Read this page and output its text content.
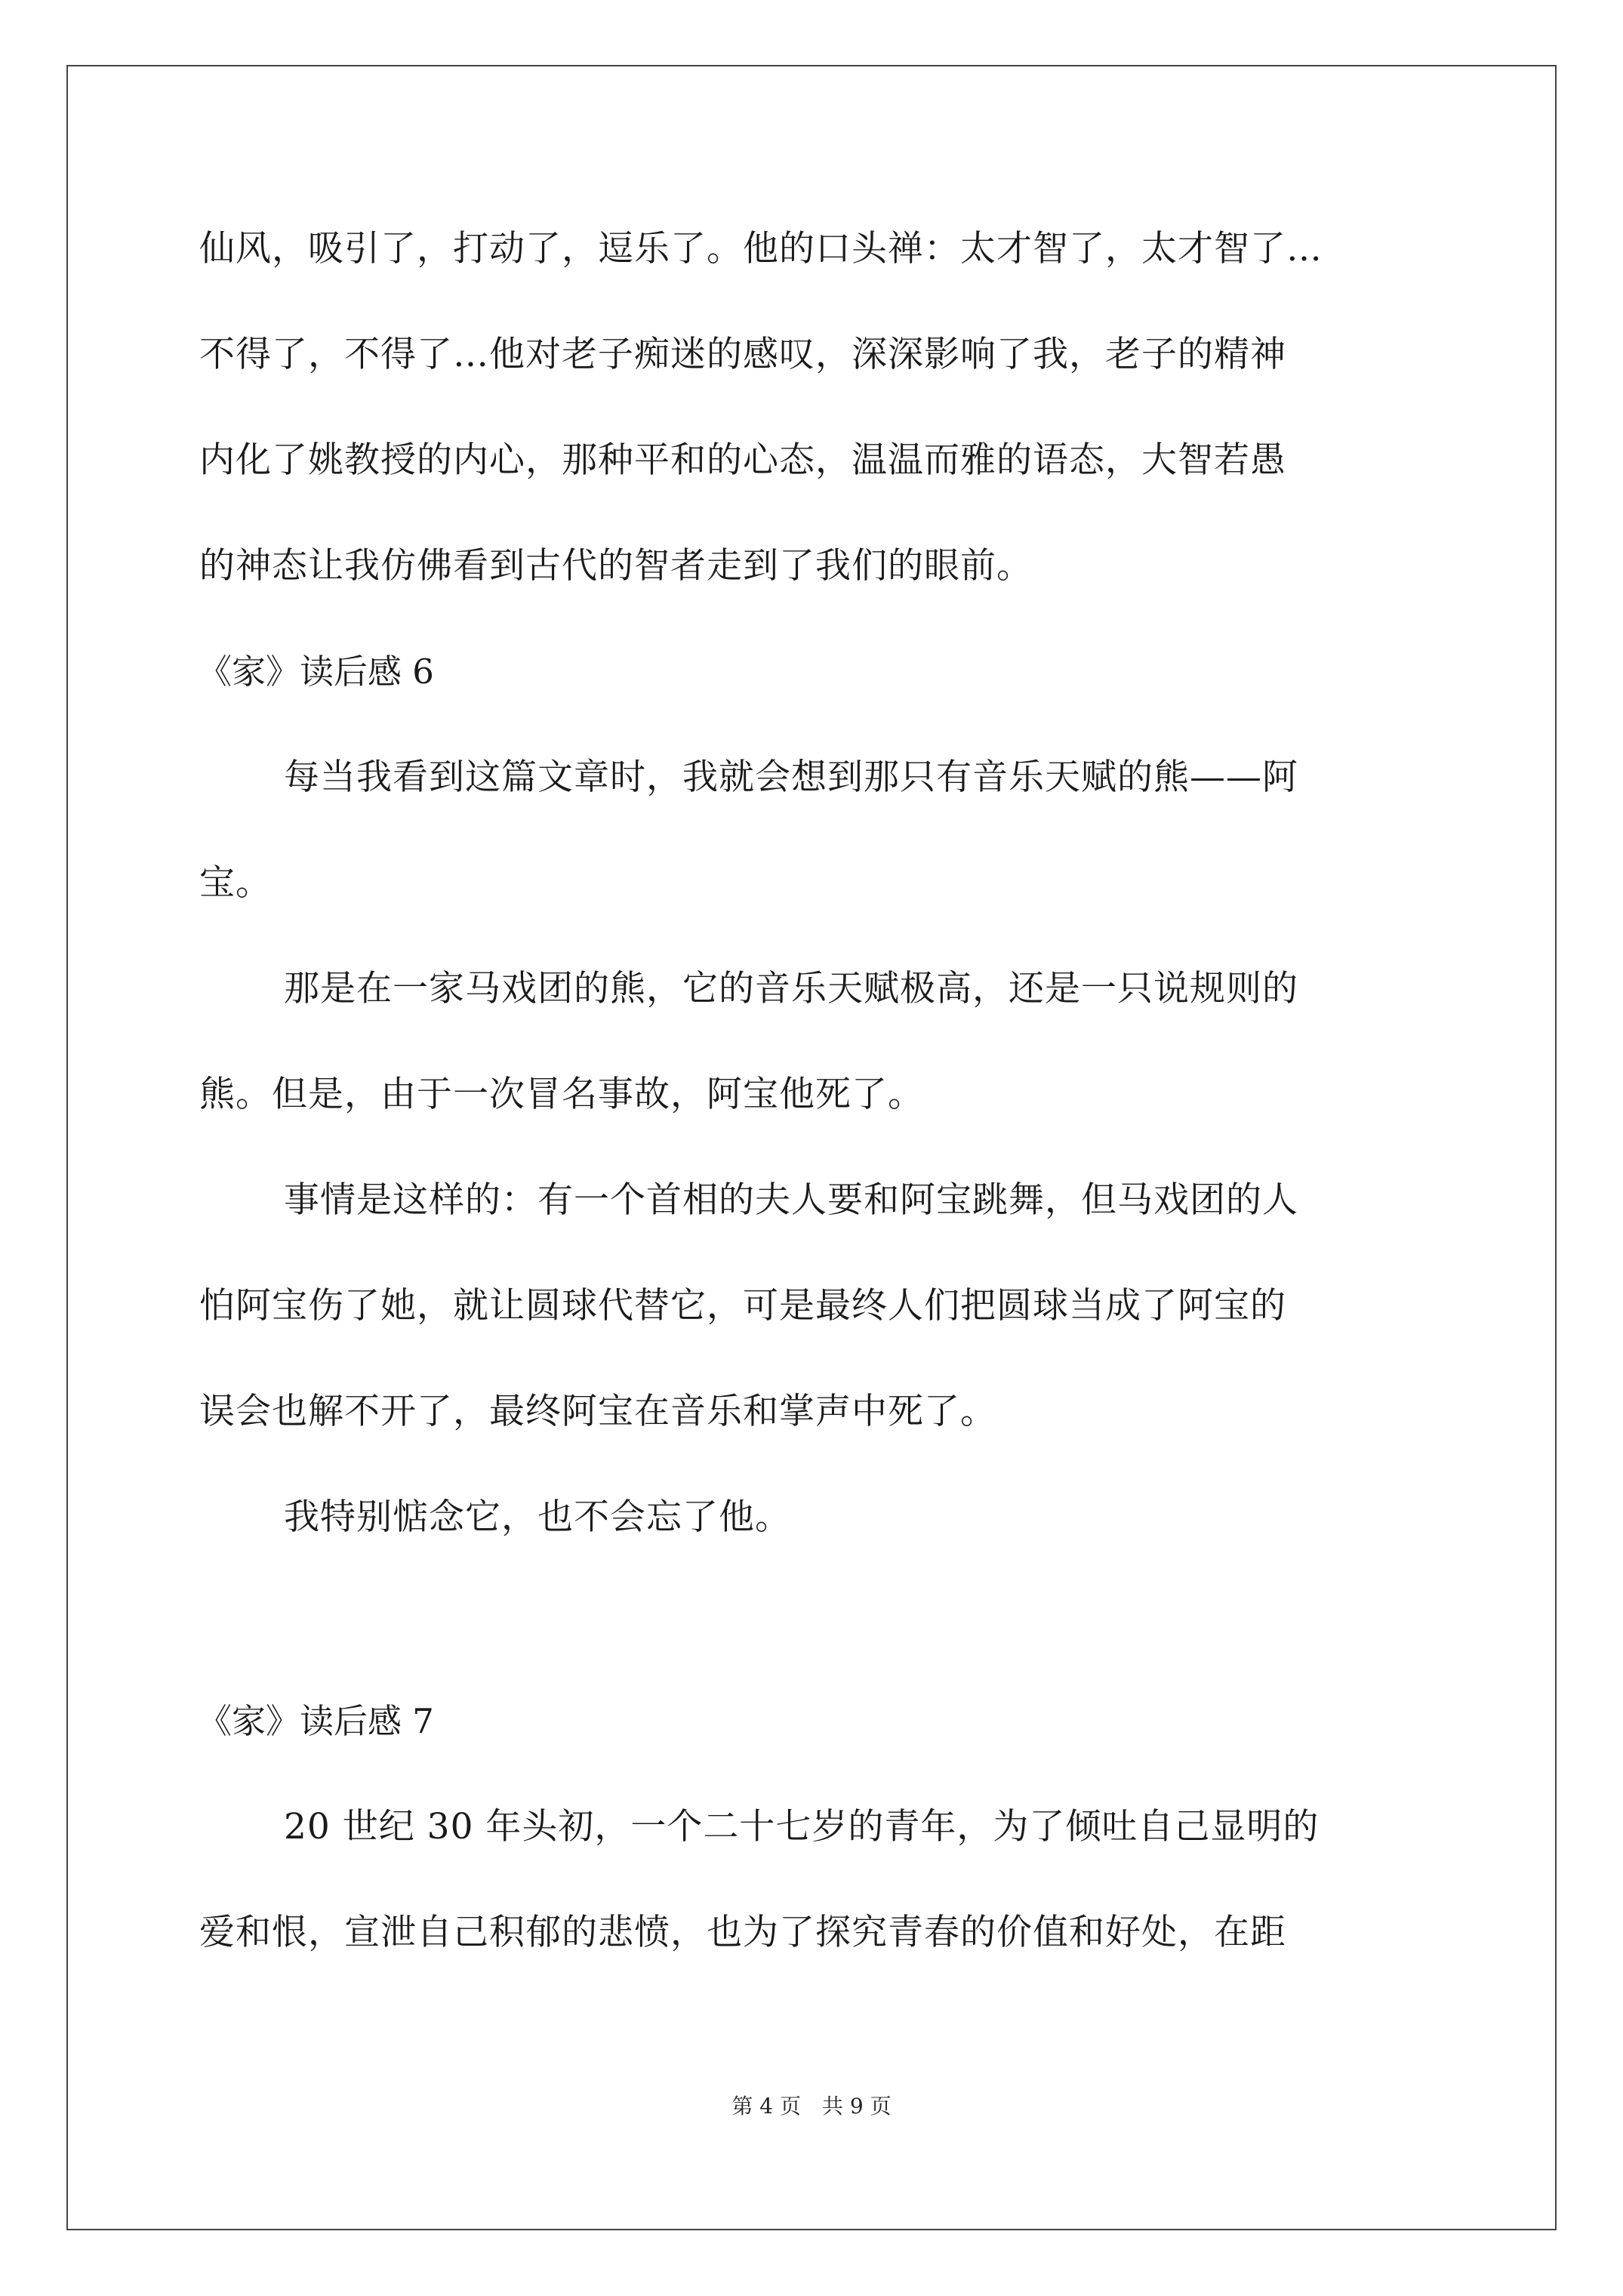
仙风，吸引了，打动了，逗乐了。他的口头禅：太才智了，太才智了…
不得了，不得了…他对老子痴迷的感叹，深深影响了我，老子的精神
内化了姚教授的内心，那种平和的心态，温温而雅的语态，大智若愚
的神态让我仿佛看到古代的智者走到了我们的眼前。
《家》读后感 6
每当我看到这篇文章时，我就会想到那只有音乐天赋的熊——阿
宝。
那是在一家马戏团的熊，它的音乐天赋极高，还是一只说规则的
熊。但是，由于一次冒名事故，阿宝他死了。
事情是这样的：有一个首相的夫人要和阿宝跳舞，但马戏团的人
怕阿宝伤了她，就让圆球代替它，可是最终人们把圆球当成了阿宝的
误会也解不开了，最终阿宝在音乐和掌声中死了。
我特别惦念它，也不会忘了他。
《家》读后感 7
20 世纪 30 年头初，一个二十七岁的青年，为了倾吐自己显明的
爱和恨，宣泄自己积郁的悲愤，也为了探究青春的价值和好处，在距
第 4 页　共 9 页
